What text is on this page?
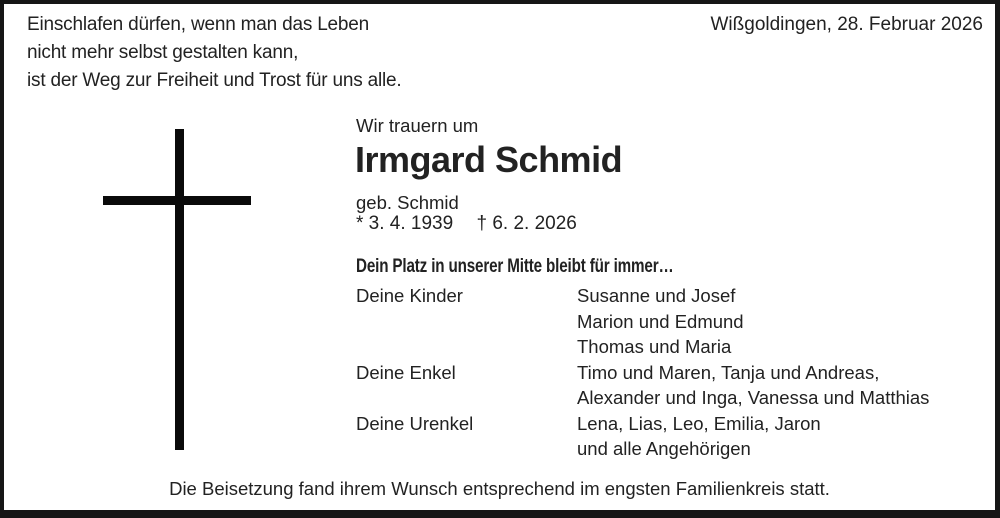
Einschlafen dürfen, wenn man das Leben
nicht mehr selbst gestalten kann,
ist der Weg zur Freiheit und Trost für uns alle.
Wißgoldingen, 28. Februar 2026
Wir trauern um
Irmgard Schmid
geb. Schmid
* 3. 4. 1939 † 6. 2. 2026
Dein Platz in unserer Mitte bleibt für immer…
Deine Kinder	Susanne und Josef
Marion und Edmund
Thomas und Maria
Deine Enkel	Timo und Maren, Tanja und Andreas,
Alexander und Inga, Vanessa und Matthias
Deine Urenkel	Lena, Lias, Leo, Emilia, Jaron
und alle Angehörigen
Die Beisetzung fand ihrem Wunsch entsprechend im engsten Familienkreis statt.
